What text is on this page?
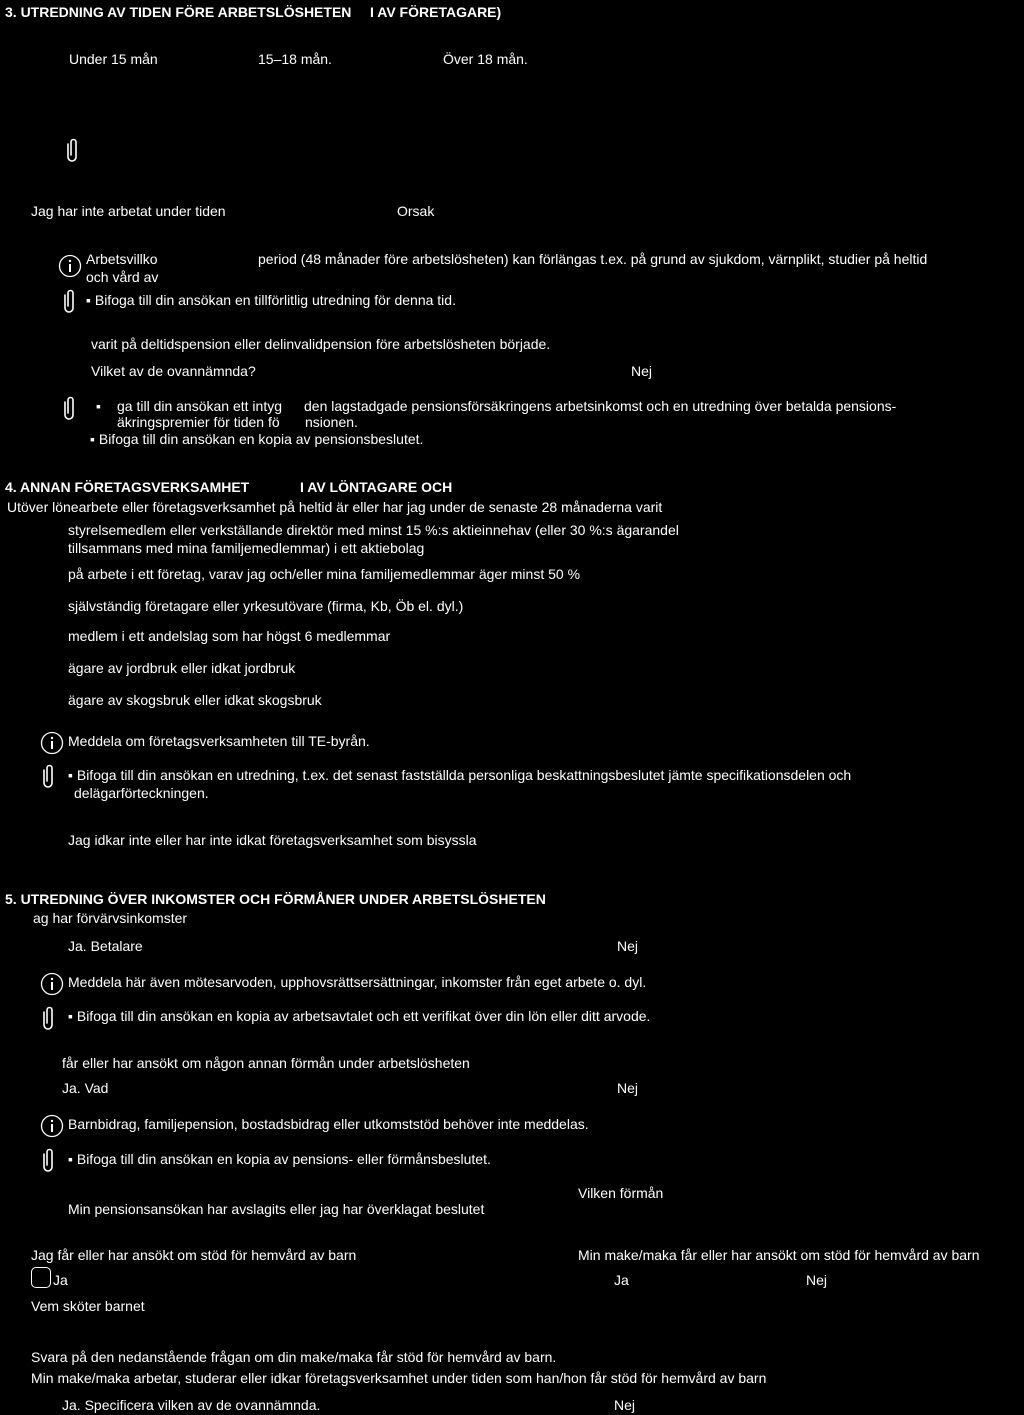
3. UTREDNING AV TIDEN FÖRE ARBETSLÖSHETEN I AV FÖRETAGARE)
Under 15 mån	15–18 mån.	Över 18 mån.
Jag har inte arbetat under tiden	Orsak
Arbetsvillko	period (48 månader före arbetslösheten) kan förlängas t.ex. på grund av sjukdom, värnplikt, studier på heltid
och vård av
▪ Bifoga till din ansökan en tillförlitlig utredning för denna tid.
varit på deltidspension eller delinvalidpension före arbetslösheten började.
Vilket av de ovannämnda?	Nej
▪ ga till din ansökan ett intyg den lagstadgade pensionsförsäkringens arbetsinkomst och en utredning över betalda pensions-
äkringspremier för tiden fö nsionen.
▪ Bifoga till din ansökan en kopia av pensionsbeslutet.
4. ANNAN FÖRETAGSVERKSAMHET	I AV LÖNTAGARE OCH
Utöver lönearbete eller företagsverksamhet på heltid är eller har jag under de senaste 28 månaderna varit
styrelsemedlem eller verkställande direktör med minst 15 %:s aktieinnehav (eller 30 %:s ägarandel
tillsammans med mina familjemedlemmar) i ett aktiebolag
på arbete i ett företag, varav jag och/eller mina familjemedlemmar äger minst 50 %
självständig företagare eller yrkesutövare (firma, Kb, Öb el. dyl.)
medlem i ett andelslag som har högst 6 medlemmar
ägare av jordbruk eller idkat jordbruk
ägare av skogsbruk eller idkat skogsbruk
Meddela om företagsverksamheten till TE-byrån.
▪ Bifoga till din ansökan en utredning, t.ex. det senast fastställda personliga beskattningsbeslutet jämte specifikationsdelen och
delägarförteckningen.
Jag idkar inte eller har inte idkat företagsverksamhet som bisyssla
5. UTREDNING ÖVER INKOMSTER OCH FÖRMÅNER UNDER ARBETSLÖSHETEN
ag har förvärvsinkomster
Ja. Betalare	Nej
Meddela här även mötesarvoden, upphovsrättsersättningar, inkomster från eget arbete o. dyl.
▪ Bifoga till din ansökan en kopia av arbetsavtalet och ett verifikat över din lön eller ditt arvode.
får eller har ansökt om någon annan förmån under arbetslösheten
Ja. Vad	Nej
Barnbidrag, familjepension, bostadsbidrag eller utkomststöd behöver inte meddelas.
▪ Bifoga till din ansökan en kopia av pensions- eller förmånsbeslutet.
Vilken förmån
Min pensionsansökan har avslagits eller jag har överklagat beslutet
Jag får eller har ansökt om stöd för hemvård av barn	Min make/maka får eller har ansökt om stöd för hemvård av barn
Ja	Ja	Nej
Vem sköter barnet
Svara på den nedanstående frågan om din make/maka får stöd för hemvård av barn.
Min make/maka arbetar, studerar eller idkar företagsverksamhet under tiden som han/hon får stöd för hemvård av barn
Ja. Specificera vilken av de ovannämnda.	Nej
